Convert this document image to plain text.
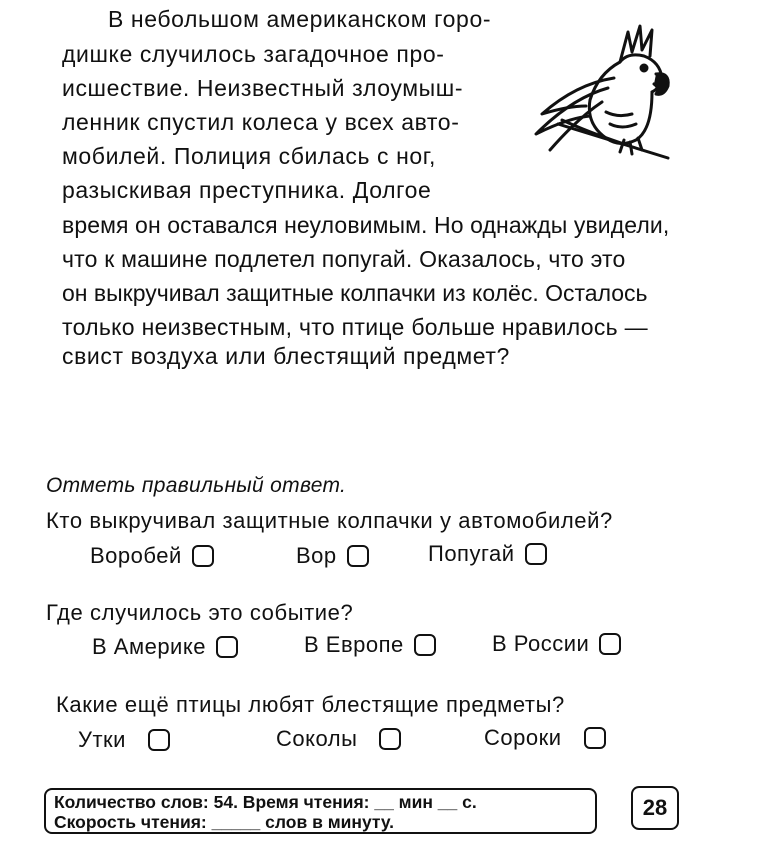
В небольшом американском горо-
дишке случилось загадочное про-
исшествие. Неизвестный злоумыш-
ленник спустил колеса у всех авто-
мобилей. Полиция сбилась с ног,
разыскивая преступника. Долгое
время он оставался неуловимым. Но однажды увидели,
что к машине подлетел попугай. Оказалось, что это
он выкручивал защитные колпачки из колёс. Осталось
только неизвестным, что птице больше нравилось —
свист воздуха или блестящий предмет?
Отметь правильный ответ.
Кто выкручивал защитные колпачки у автомобилей?
Воробей	Вор	Попугай
Где случилось это событие?
В Америке	В Европе	В России
Какие ещё птицы любят блестящие предметы?
Утки	Соколы	Сороки
Количество слов: 54. Время чтения: __ мин __ с.
Скорость чтения: _____ слов в минуту.
28
